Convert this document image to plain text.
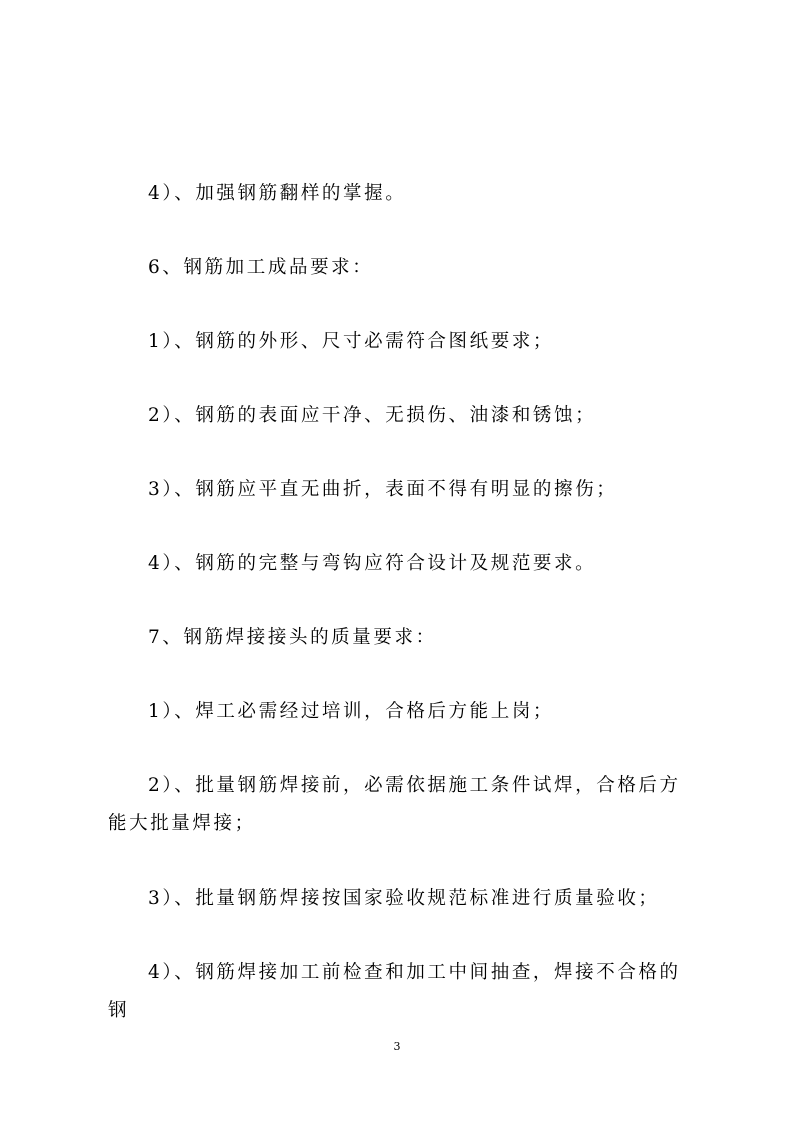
4）、加强钢筋翻样的掌握。

6、钢筋加工成品要求：

1）、钢筋的外形、尺寸必需符合图纸要求；

2）、钢筋的表面应干净、无损伤、油漆和锈蚀；

3）、钢筋应平直无曲折，表面不得有明显的擦伤；

4）、钢筋的完整与弯钩应符合设计及规范要求。

7、钢筋焊接接头的质量要求：

1）、焊工必需经过培训，合格后方能上岗；

2）、批量钢筋焊接前，必需依据施工条件试焊，合格后方能大批量焊接；

3）、批量钢筋焊接按国家验收规范标准进行质量验收；

4）、钢筋焊接加工前检查和加工中间抽查，焊接不合格的钢

3
